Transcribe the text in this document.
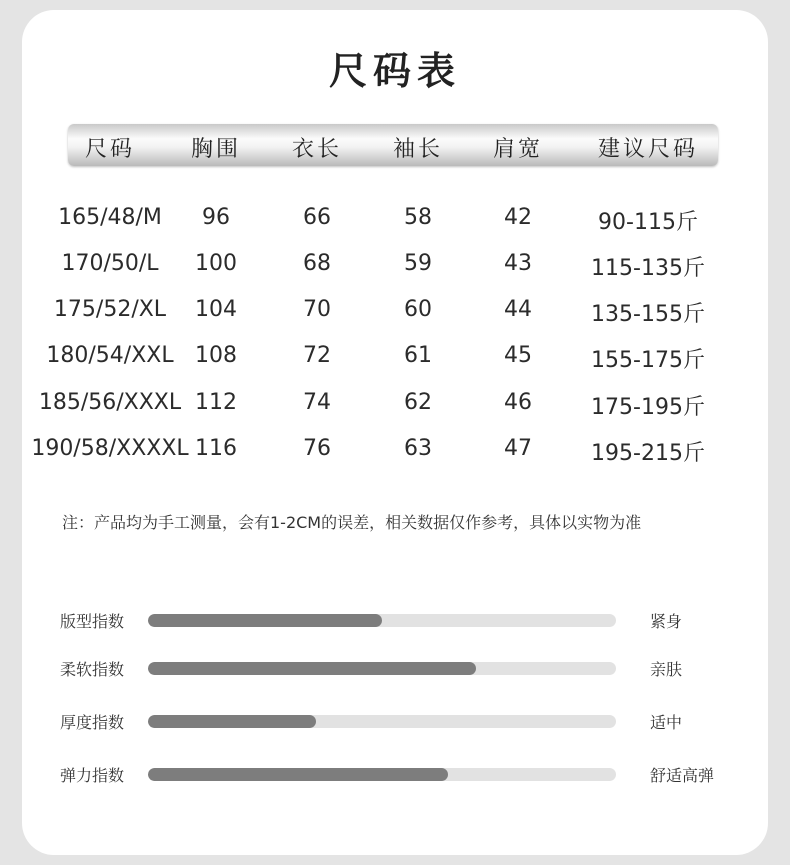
尺码表
尺码	胸围 衣长 袖长 肩宽 建议尺码
165/48/M 96	66	58	42	90-115斤
170/50/L 100	68	59	43	115-135斤
175/52/XL 104	70	60	44	135-155斤
180/54/XXL 108	72	61	45	155-175斤
185/56/XXXL 112	74	62	46	175-195斤
190/58/XXXXL 116	76	63	47	195-215斤
注：产品均为手工测量，会有1-2CM的误差，相关数据仅作参考，具体以实物为准
版型指数	紧身
柔软指数	亲肤
厚度指数	适中
弹力指数	舒适高弹
